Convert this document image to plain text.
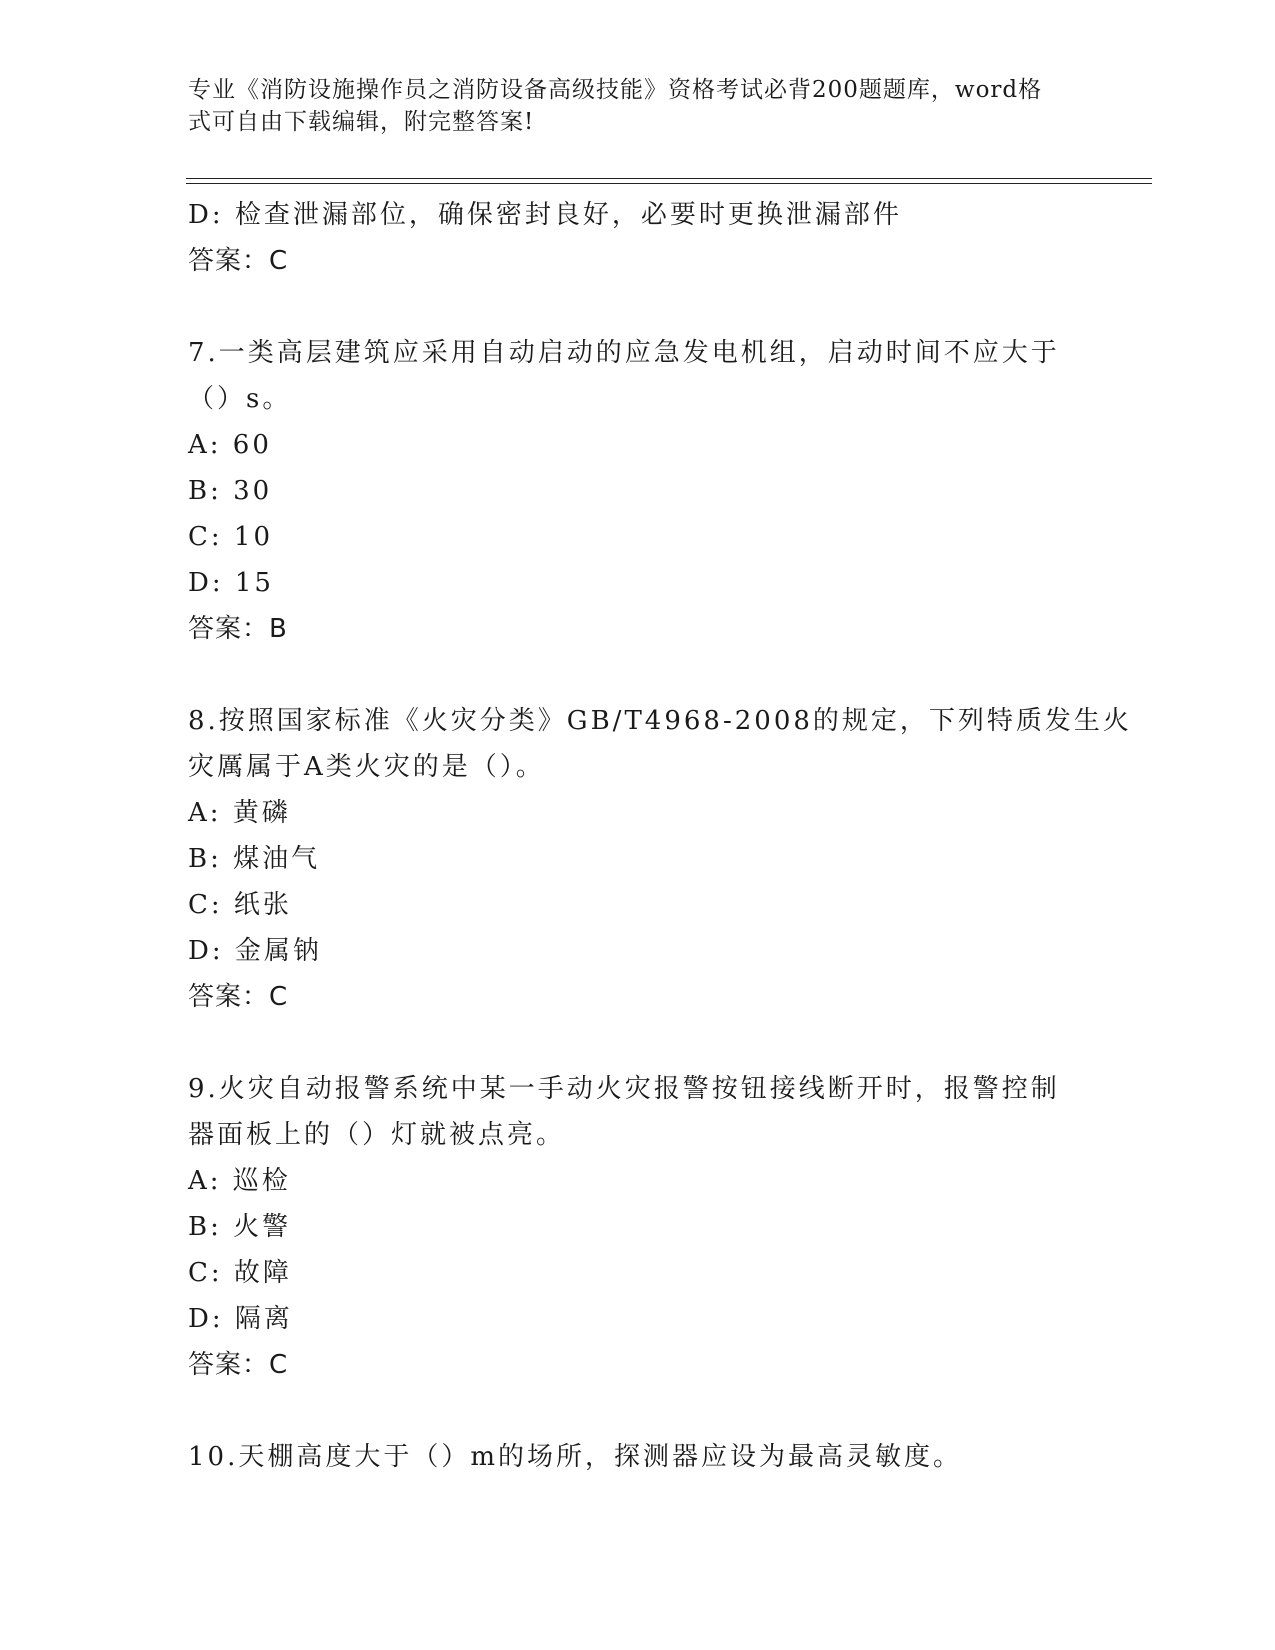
专业《消防设施操作员之消防设备高级技能》资格考试必背200题题库，word格
式可自由下载编辑，附完整答案!
D: 检查泄漏部位，确保密封良好，必要时更换泄漏部件
答案：C
7.一类高层建筑应采用自动启动的应急发电机组，启动时间不应大于
（）s。
A: 60
B: 30
C: 10
D: 15
答案：B
8.按照国家标准《火灾分类》GB/T4968-2008的规定，下列特质发生火
灾厲属于A类火灾的是（）。
A: 黄磷
B: 煤油气
C: 纸张
D: 金属钠
答案：C
9.火灾自动报警系统中某一手动火灾报警按钮接线断开时，报警控制
器面板上的（）灯就被点亮。
A: 巡检
B: 火警
C: 故障
D: 隔离
答案：C
10.天棚高度大于（）m的场所，探测器应设为最高灵敏度。
